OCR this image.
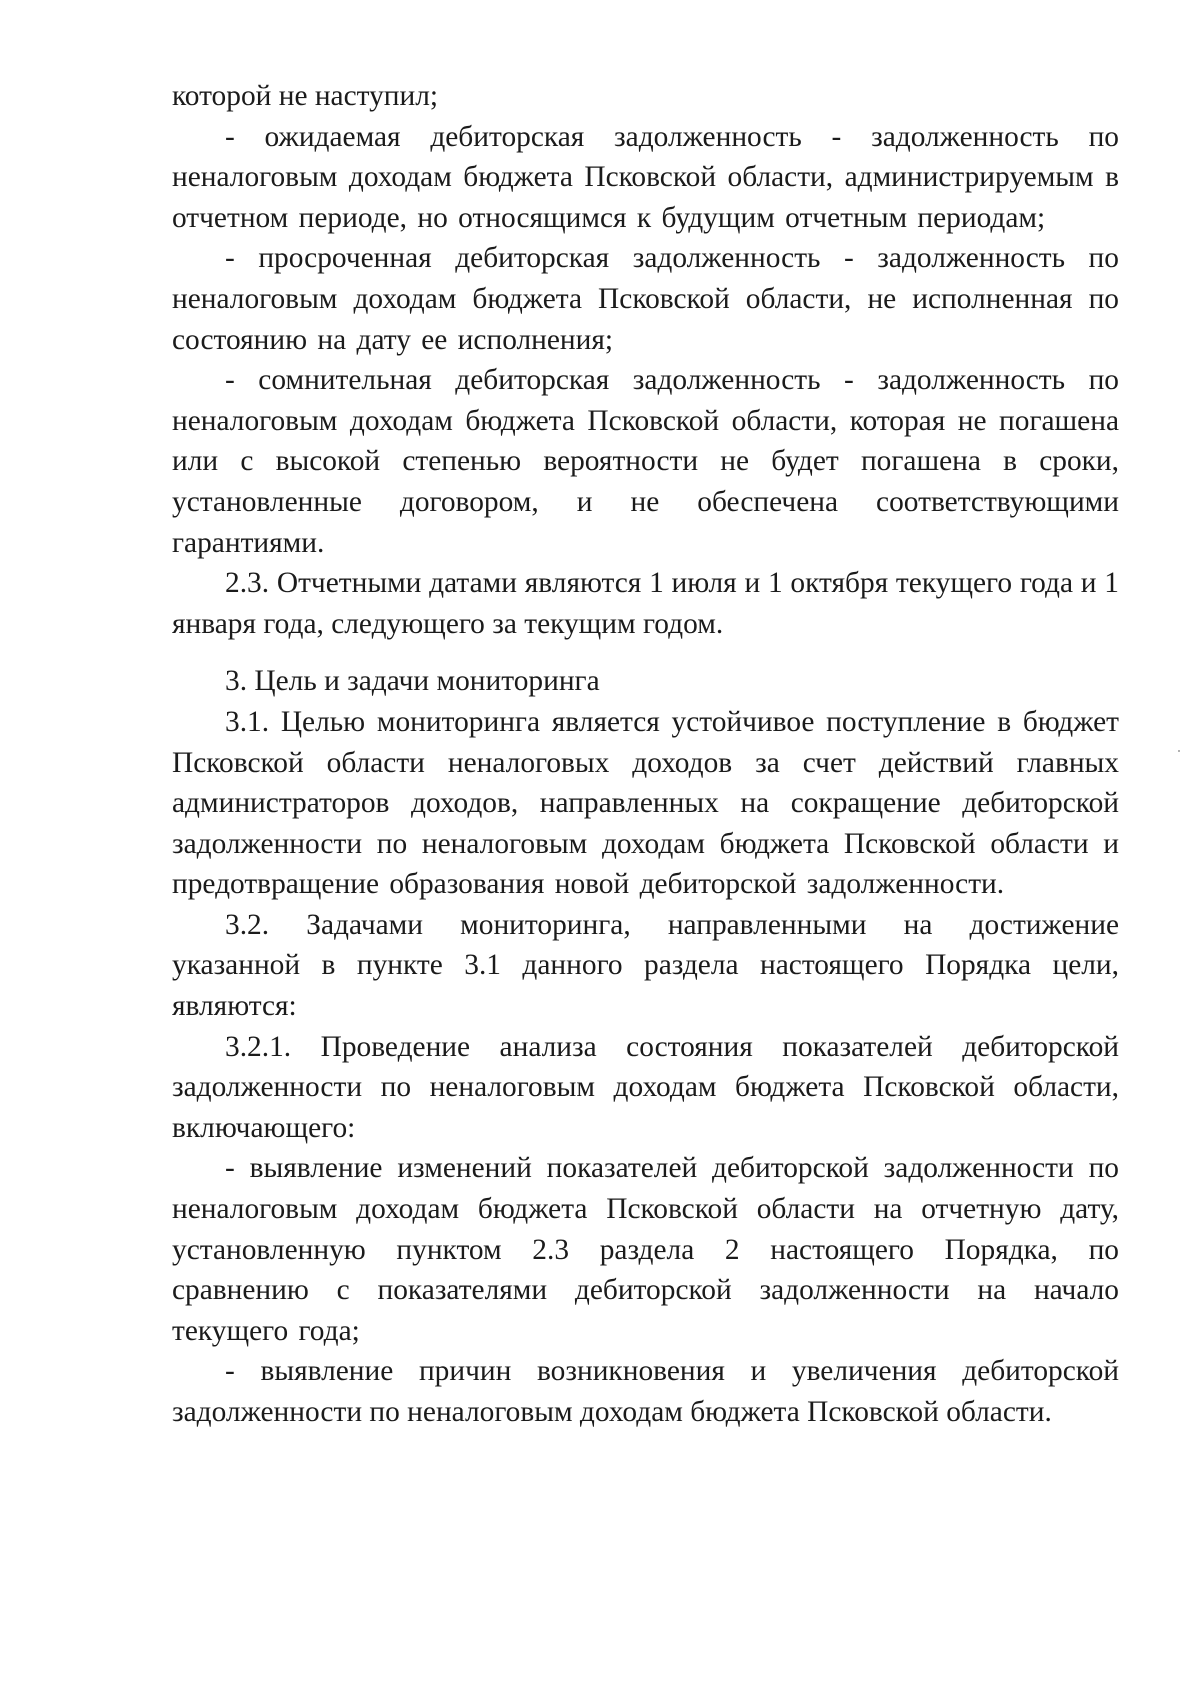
которой не наступил;

- ожидаемая дебиторская задолженность - задолженность по неналоговым доходам бюджета Псковской области, администрируемым в отчетном периоде, но относящимся к будущим отчетным периодам;

- просроченная дебиторская задолженность - задолженность по неналоговым доходам бюджета Псковской области, не исполненная по состоянию на дату ее исполнения;

- сомнительная дебиторская задолженность - задолженность по неналоговым доходам бюджета Псковской области, которая не погашена или с высокой степенью вероятности не будет погашена в сроки, установленные договором, и не обеспечена соответствующими гарантиями.

2.3. Отчетными датами являются 1 июля и 1 октября текущего года и 1 января года, следующего за текущим годом.

3. Цель и задачи мониторинга

3.1. Целью мониторинга является устойчивое поступление в бюджет Псковской области неналоговых доходов за счет действий главных администраторов доходов, направленных на сокращение дебиторской задолженности по неналоговым доходам бюджета Псковской области и предотвращение образования новой дебиторской задолженности.

3.2. Задачами мониторинга, направленными на достижение указанной в пункте 3.1 данного раздела настоящего Порядка цели, являются:

3.2.1. Проведение анализа состояния показателей дебиторской задолженности по неналоговым доходам бюджета Псковской области, включающего:

- выявление изменений показателей дебиторской задолженности по неналоговым доходам бюджета Псковской области на отчетную дату, установленную пунктом 2.3 раздела 2 настоящего Порядка, по сравнению с показателями дебиторской задолженности на начало текущего года;

- выявление причин возникновения и увеличения дебиторской задолженности по неналоговым доходам бюджета Псковской области.
